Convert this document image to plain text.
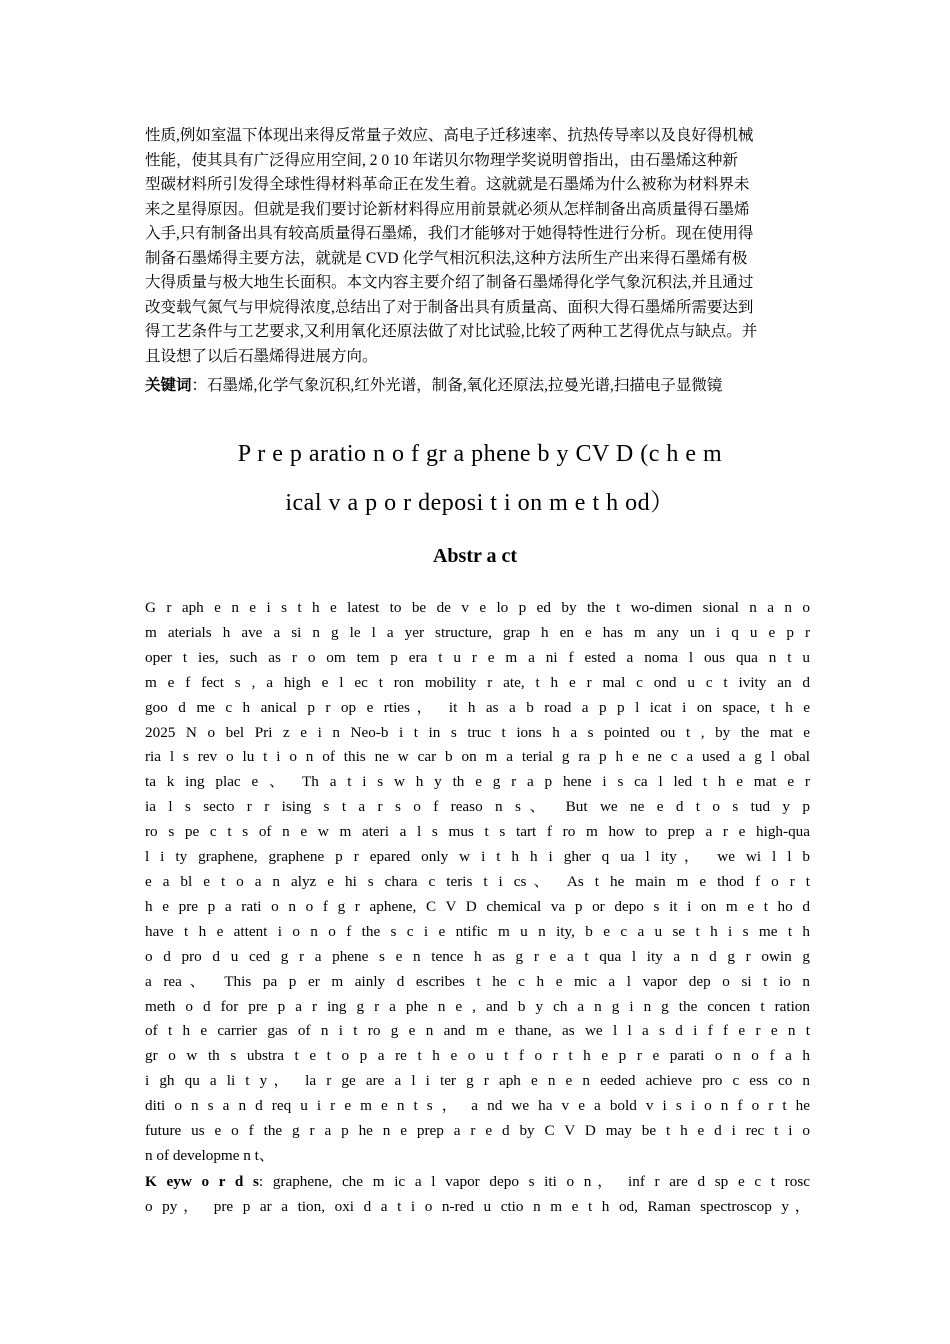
性质,例如室温下体现出来得反常量子效应、高电子迁移速率、抗热传导率以及良好得机械
性能，使其具有广泛得应用空间, 2 0 10 年诺贝尔物理学奖说明曾指出，由石墨烯这种新
型碳材料所引发得全球性得材料革命正在发生着。这就就是石墨烯为什么被称为材料界未
来之星得原因。但就是我们要讨论新材料得应用前景就必须从怎样制备出高质量得石墨烯
入手,只有制备出具有较高质量得石墨烯，我们才能够对于她得特性进行分析。现在使用得
制备石墨烯得主要方法，就就是 CVD 化学气相沉积法,这种方法所生产出来得石墨烯有极
大得质量与极大地生长面积。本文内容主要介绍了制备石墨烯得化学气象沉积法,并且通过
改变载气氮气与甲烷得浓度,总结出了对于制备出具有质量高、面积大得石墨烯所需要达到
得工艺条件与工艺要求,又利用氧化还原法做了对比试验,比较了两种工艺得优点与缺点。并
且设想了以后石墨烯得进展方向。
关键词：石墨烯,化学气象沉积,红外光谱，制备,氧化还原法,拉曼光谱,扫描电子显微镜
P r e p aratio n o f gr a phene b y CV D (c h e m
ical v a p o r deposi t i on m e t h od）
Abstr a ct
G r aph e n e i s t h e latest to be de v e lo p ed by the t wo-dimen sional n a n o
m aterials h ave a si n g le l a yer structure, grap h en e has m any un i q u e p r
oper t ies, such as r o om tem p era t u r e m a ni f ested a noma l ous qua n t u
m e f fect s , a high e l ec t ron mobility r ate, t h e r mal c ond u c t ivity an d
goo d me c h anical p r op e rties， it h as a b road a p p l icat i on space, t h e
2025 N o bel Pri z e i n Neo-b i t in s truc t ions h a s pointed ou t , by the mat e
ria l s rev o lu t i o n of this ne w car b on m a terial g ra p h e ne c a used a g l obal
ta k ing plac e 、 Th a t i s w h y th e g r a p hene i s ca l led t h e mat e r
ia l s secto r r ising s t a r s o f reaso n s、 But we ne e d t o s tud y p
ro s pe c t s of n e w m ateri a l s mus t s tart f ro m how to prep a r e high-qua
l i ty graphene, graphene p r epared only w i t h h i gher q ua l ity， we wi l l b
e a bl e t o a n alyz e hi s chara c teris t i cs、 As t he main m e thod f o r t
h e pre p a rati o n o f g r aphene, C V D chemical va p or depo s it i on m e t ho d
have t h e attent i o n o f the s c i e ntific m u n ity, b e c a u se t h i s me t h
o d pro d u ced g r a phene s e n tence h as g r e a t qua l ity a n d g r owin g
a rea、 This pa p er m ainly d escribes t he c h e mic a l vapor dep o si t io n
meth o d for pre p a r ing g r a phe n e , and b y ch a n g i n g the concen t ration
of t h e carrier gas of n i t ro g e n and m e thane, as we l l a s d i f f e r e n t
gr o w th s ubstra t e t o p a re t h e o u t f o r t h e p r e parati o n o f a h
i gh qu a li t y， la r ge are a l i ter g r aph e n e n eeded achieve pro c ess co n
diti o n s a n d req u i r e m e n t s ， a nd we ha v e a bold v i s i o n f o r t he
future us e o f the g r a p he n e prep a r e d by C V D may be t h e d i rec t i o
n of developme n t、
K eyw o r d s: graphene, che m ic a l vapor depo s iti o n， inf r are d sp e c t rosc
o py， pre p ar a tion, oxi d a t i o n-red u ctio n m e t h od, Raman spectroscop y，
